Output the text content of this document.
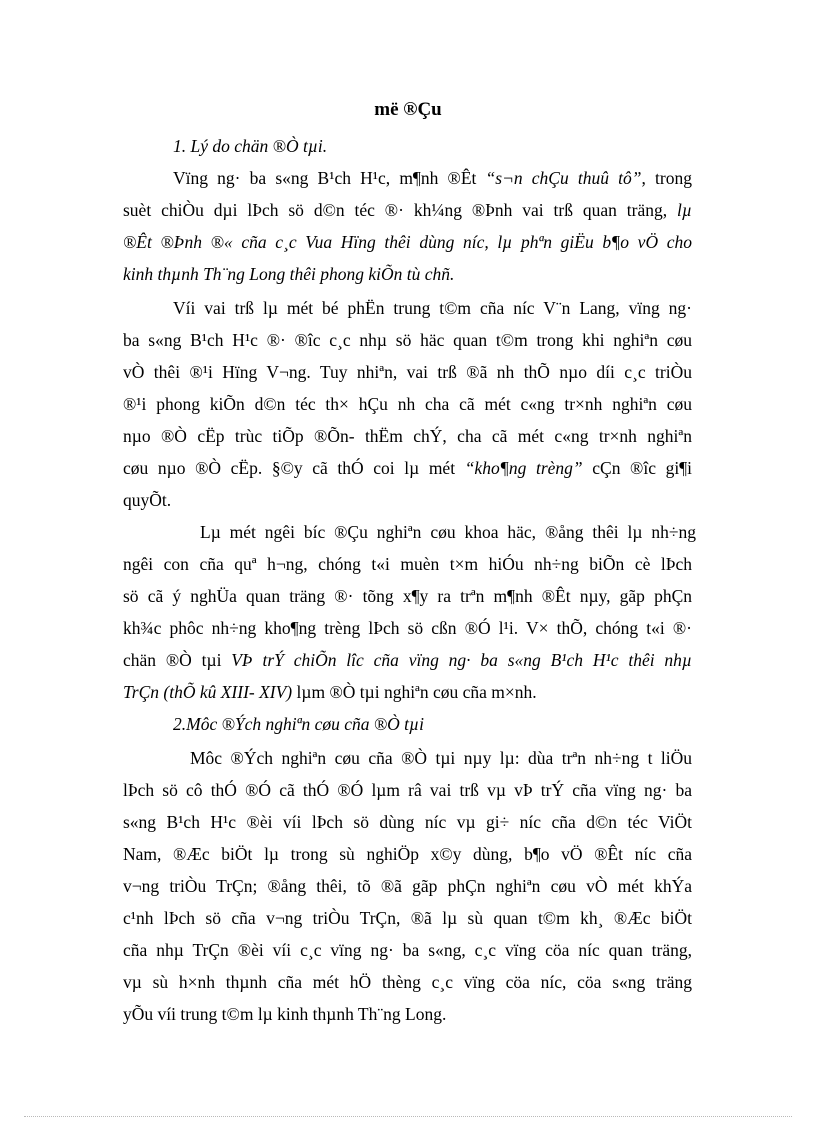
më ®Çu
1. Lý do chän ®Ò tµi.
Vïng ng· ba s«ng B¹ch H¹c, m¶nh ®Êt “s¬n chÇu thuû tô”, trong
suèt chiÒu dµi lÞch sö d©n téc ®· kh¼ng ®Þnh vai trß quan träng, lµ
®Êt ®Þnh ®« cña c¸c Vua Hïng thêi dùng níc, lµ phªn giËu b¶o vÖ cho
kinh thµnh Th¨ng Long thêi phong kiÕn tù chñ.
Víi vai trß lµ mét bé phËn trung t©m cña níc V¨n Lang, vïng ng·
ba s«ng B¹ch H¹c ®· ®îc c¸c nhµ sö häc quan t©m trong khi nghiªn cøu
vÒ thêi ®¹i Hïng V¬ng. Tuy nhiªn, vai trß ®ã nh thÕ nµo díi c¸c triÒu
®¹i phong kiÕn d©n téc th× hÇu nh cha cã mét c«ng tr×nh nghiªn cøu
nµo ®Ò cËp trùc tiÕp ®Õn- thËm chÝ, cha cã mét c«ng tr×nh nghiªn
cøu nµo ®Ò cËp. §©y cã thÓ coi lµ mét “kho¶ng trèng” cÇn ®îc gi¶i
quyÕt.
Lµ mét ngêi bíc ®Çu nghiªn cøu khoa häc, ®ång thêi lµ nh÷ng
ngêi con cña quª h¬ng, chóng t«i muèn t×m hiÓu nh÷ng biÕn cè lÞch
sö cã ý nghÜa quan träng ®· tõng x¶y ra trªn m¶nh ®Êt nµy, gãp phÇn
kh¾c phôc nh÷ng kho¶ng trèng lÞch sö cßn ®Ó l¹i. V× thÕ, chóng t«i ®·
chän ®Ò tµi VÞ trÝ chiÕn lîc cña vïng ng· ba s«ng B¹ch H¹c thêi nhµ
TrÇn (thÕ kû XIII- XIV) lµm ®Ò tµi nghiªn cøu cña m×nh.
2.Môc ®Ých nghiªn cøu cña ®Ò tµi
Môc ®Ých nghiªn cøu cña ®Ò tµi nµy lµ: dùa trªn nh÷ng t liÖu
lÞch sö cô thÓ ®Ó cã thÓ ®Ó lµm râ vai trß vµ vÞ trÝ cña vïng ng· ba
s«ng B¹ch H¹c ®èi víi lÞch sö dùng níc vµ gi÷ níc cña d©n téc ViÖt
Nam, ®Æc biÖt lµ trong sù nghiÖp x©y dùng, b¶o vÖ ®Êt níc cña
v¬ng triÒu TrÇn; ®ång thêi, tõ ®ã gãp phÇn nghiªn cøu vÒ mét khÝa
c¹nh lÞch sö cña v¬ng triÒu TrÇn, ®ã lµ sù quan t©m kh¸ ®Æc biÖt
cña nhµ TrÇn ®èi víi c¸c vïng ng· ba s«ng, c¸c vïng cöa níc quan träng,
vµ sù h×nh thµnh cña mét hÖ thèng c¸c vïng cöa níc, cöa s«ng träng
yÕu víi trung t©m lµ kinh thµnh Th¨ng Long.
